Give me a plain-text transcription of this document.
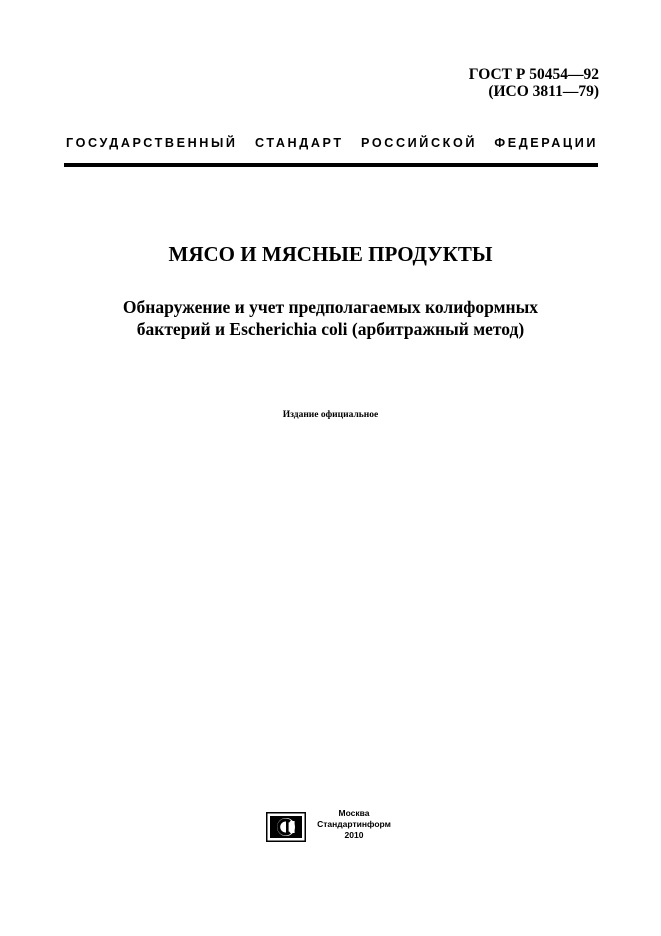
ГОСТ Р 50454—92
(ИСО 3811—79)
ГОСУДАРСТВЕННЫЙ СТАНДАРТ РОССИЙСКОЙ ФЕДЕРАЦИИ
МЯСО И МЯСНЫЕ ПРОДУКТЫ
Обнаружение и учет предполагаемых колиформных
бактерий и Escherichia coli (арбитражный метод)
Издание официальное
Москва
Стандартинформ
2010
